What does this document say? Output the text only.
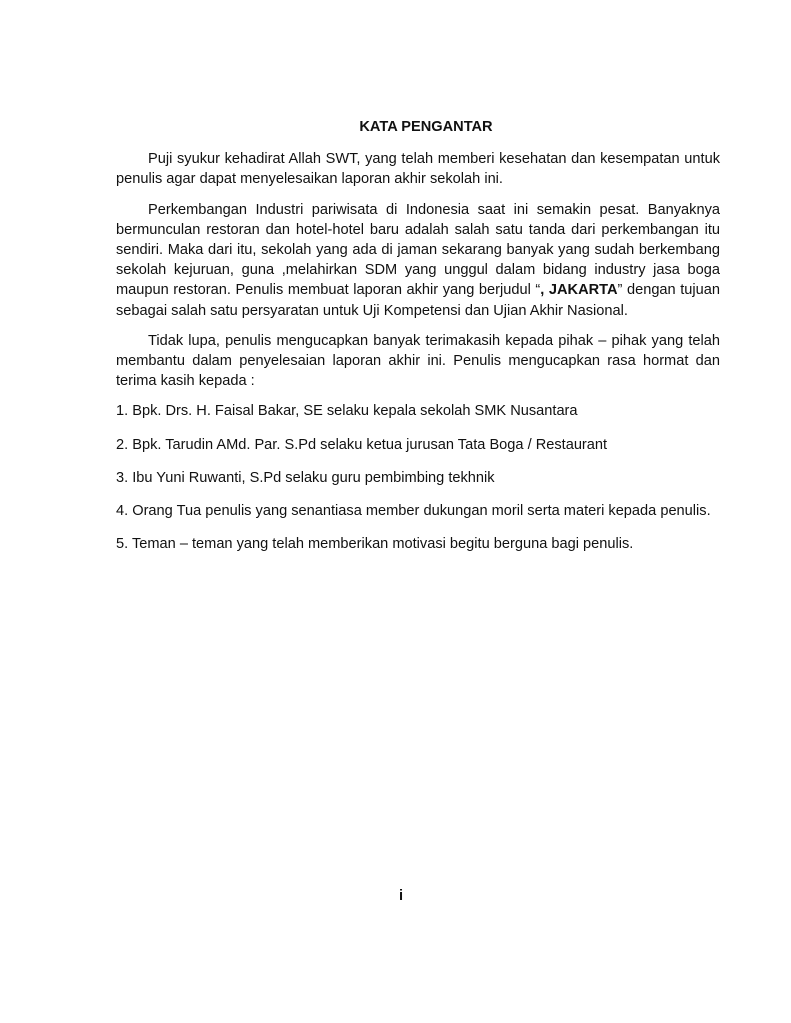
KATA PENGANTAR

Puji syukur kehadirat Allah SWT, yang telah memberi kesehatan dan kesempatan untuk penulis agar dapat menyelesaikan laporan akhir sekolah ini.

Perkembangan Industri pariwisata di Indonesia saat ini semakin pesat. Banyaknya bermunculan restoran dan hotel-hotel baru adalah salah satu tanda dari perkembangan itu sendiri. Maka dari itu, sekolah yang ada di jaman sekarang banyak yang sudah berkembang sekolah kejuruan, guna ,melahirkan SDM yang unggul dalam bidang industry jasa boga maupun restoran. Penulis membuat laporan akhir yang berjudul “, JAKARTA” dengan tujuan sebagai salah satu persyaratan untuk Uji Kompetensi dan Ujian Akhir Nasional.

Tidak lupa, penulis mengucapkan banyak terimakasih kepada pihak – pihak yang telah membantu dalam penyelesaian laporan akhir ini. Penulis mengucapkan rasa hormat dan terima kasih kepada :

1. Bpk. Drs. H. Faisal Bakar, SE selaku kepala sekolah SMK Nusantara

2. Bpk. Tarudin AMd. Par. S.Pd selaku ketua jurusan Tata Boga / Restaurant

3. Ibu Yuni Ruwanti, S.Pd selaku guru pembimbing tekhnik

4. Orang Tua penulis yang senantiasa member dukungan moril serta materi kepada penulis.

5. Teman – teman yang telah memberikan motivasi begitu berguna bagi penulis.

i
